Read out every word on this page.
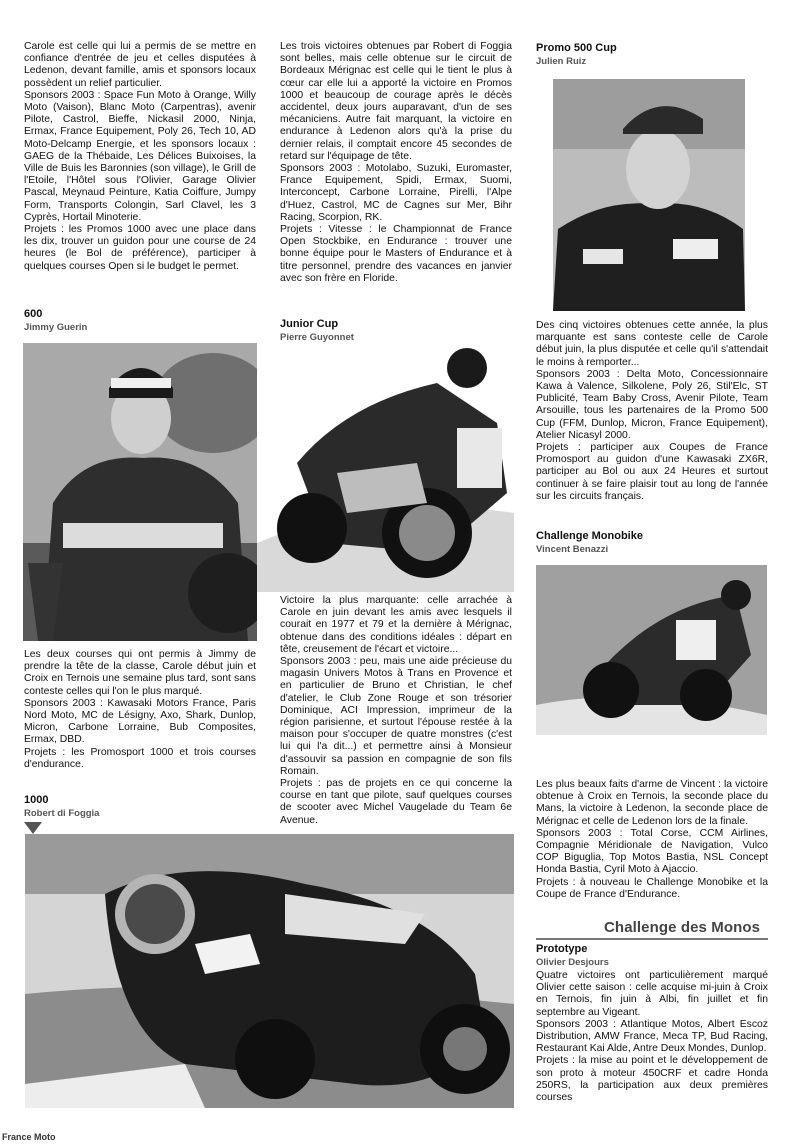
Carole est celle qui lui a permis de se mettre en confiance d'entrée de jeu et celles disputées à Ledenon, devant famille, amis et sponsors locaux possèdent un relief particulier.

Sponsors 2003 : Space Fun Moto à Orange, Willy Moto (Vaison), Blanc Moto (Carpentras), avenir Pilote, Castrol, Bieffe, Nickasil 2000, Ninja, Ermax, France Equipement, Poly 26, Tech 10, AD Moto-Delcamp Energie, et les sponsors locaux : GAEG de la Thébaide, Les Délices Buixoises, la Ville de Buis les Baronnies (son village), le Grill de l'Etoile, l'Hôtel sous l'Olivier, Garage Olivier Pascal, Meynaud Peinture, Katia Coiffure, Jumpy Form, Transports Colongin, Sarl Clavel, les 3 Cyprès, Hortail Minoterie.

Projets : les Promos 1000 avec une place dans les dix, trouver un guidon pour une course de 24 heures (le Bol de préférence), participer à quelques courses Open si le budget le permet.

600
Jimmy Guerin

Les deux courses qui ont permis à Jimmy de prendre la tête de la classe, Carole début juin et Croix en Ternois une semaine plus tard, sont sans conteste celles qui l'on le plus marqué.

Sponsors 2003 : Kawasaki Motors France, Paris Nord Moto, MC de Lésigny, Axo, Shark, Dunlop, Micron, Carbone Lorraine, Bub Composites, Ermax, DBD.

Projets : les Promosport 1000 et trois courses d'endurance.

1000
Robert di Foggia

Les trois victoires obtenues par Robert di Foggia sont belles, mais celle obtenue sur le circuit de Bordeaux Mérignac est celle qui le tient le plus à cœur car elle lui a apporté la victoire en Promos 1000 et beaucoup de courage après le décès accidentel, deux jours auparavant, d'un de ses mécaniciens. Autre fait marquant, la victoire en endurance à Ledenon alors qu'à la prise du dernier relais, il comptait encore 45 secondes de retard sur l'équipage de tête.

Sponsors 2003 : Motolabo, Suzuki, Euromaster, France Equipement, Spidi, Ermax, Suomi, Interconcept, Carbone Lorraine, Pirelli, l'Alpe d'Huez, Castrol, MC de Cagnes sur Mer, Bihr Racing, Scorpion, RK.

Projets : Vitesse : le Championnat de France Open Stockbike, en Endurance : trouver une bonne équipe pour le Masters of Endurance et à titre personnel, prendre des vacances en janvier avec son frère en Floride.

Junior Cup
Pierre Guyonnet

Victoire la plus marquante: celle arrachée à Carole en juin devant les amis avec lesquels il courait en 1977 et 79 et la dernière à Mérignac, obtenue dans des conditions idéales : départ en tête, creusement de l'écart et victoire...

Sponsors 2003 : peu, mais une aide précieuse du magasin Univers Motos à Trans en Provence et en particulier de Bruno et Christian, le chef d'atelier, le Club Zone Rouge et son trésorier Dominique, ACI Impression, imprimeur de la région parisienne, et surtout l'épouse restée à la maison pour s'occuper de quatre monstres (c'est lui qui l'a dit...) et permettre ainsi à Monsieur d'assouvir sa passion en compagnie de son fils Romain.

Projets : pas de projets en ce qui concerne la course en tant que pilote, sauf quelques courses de scooter avec Michel Vaugelade du Team 6e Avenue.

Promo 500 Cup
Julien Ruiz

Des cinq victoires obtenues cette année, la plus marquante est sans conteste celle de Carole début juin, la plus disputée et celle qu'il s'attendait le moins à remporter...

Sponsors 2003 : Delta Moto, Concessionnaire Kawa à Valence, Silkolene, Poly 26, Stil'Elc, ST Publicité, Team Baby Cross, Avenir Pilote, Team Arsouille, tous les partenaires de la Promo 500 Cup (FFM, Dunlop, Micron, France Equipement), Atelier Nicasyl 2000.

Projets : participer aux Coupes de France Promosport au guidon d'une Kawasaki ZX6R, participer au Bol ou aux 24 Heures et surtout continuer à se faire plaisir tout au long de l'année sur les circuits français.

Challenge Monobike
Vincent Benazzi

Les plus beaux faits d'arme de Vincent : la victoire obtenue à Croix en Ternois, la seconde place du Mans, la victoire à Ledenon, la seconde place de Mérignac et celle de Ledenon lors de la finale.

Sponsors 2003 : Total Corse, CCM Airlines, Compagnie Méridionale de Navigation, Vulco COP Biguglia, Top Motos Bastia, NSL Concept Honda Bastia, Cyril Moto à Ajaccio.

Projets : à nouveau le Challenge Monobike et la Coupe de France d'Endurance.

Challenge des Monos
Prototype
Olivier Desjours

Quatre victoires ont particulièrement marqué Olivier cette saison : celle acquise mi-juin à Croix en Ternois, fin juin à Albi, fin juillet et fin septembre au Vigeant.

Sponsors 2003 : Atlantique Motos, Albert Escoz Distribution, AMW France, Meca TP, Bud Racing, Restaurant Kai Alde, Antre Deux Mondes, Dunlop.

Projets : la mise au point et le développement de son proto à moteur 450CRF et cadre Honda 250RS, la participation aux deux premières courses

France Moto
